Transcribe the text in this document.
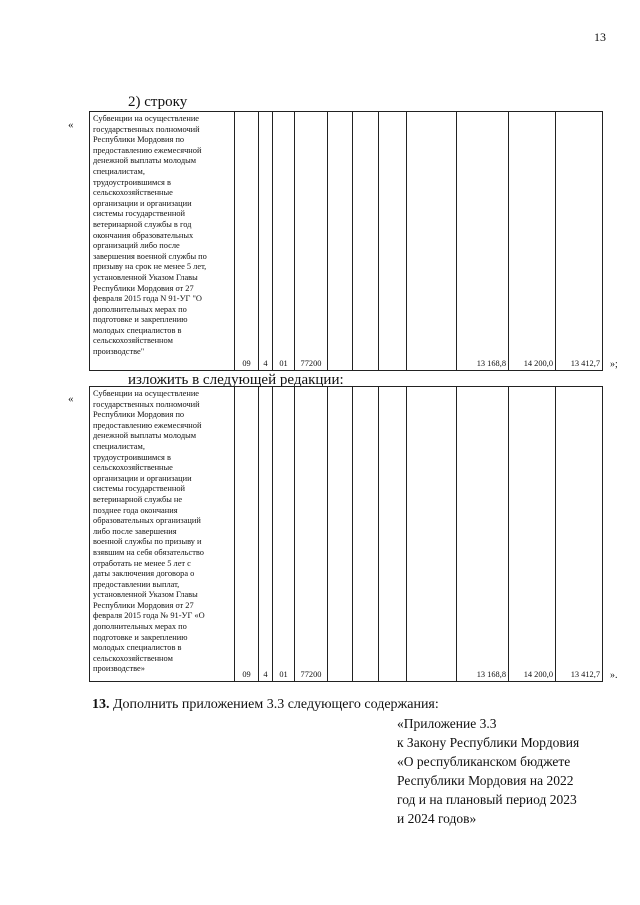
13
2) строку
«
Субвенции на осуществление
государственных полномочий
Республики Мордовия по
предоставлению ежемесячной
денежной выплаты молодым
специалистам,
трудоустроившимся в
сельскохозяйственные
организации и организации
системы государственной
ветеринарной службы в год
окончания образовательных
организаций либо после
завершения военной службы по
призыву на срок не менее 5 лет,
установленной Указом Главы
Республики Мордовия от 27
февраля 2015 года N 91-УГ "О
дополнительных мерах по
подготовке и закреплению
молодых специалистов в
сельскохозяйственном
производстве"
	09	4	01	77200					13 168,8	14 200,0	13 412,7 »;
изложить в следующей редакции:
« Субвенции на осуществление
государственных полномочий
Республики Мордовия по
предоставлению ежемесячной
денежной выплаты молодым
специалистам,
трудоустроившимся в
сельскохозяйственные
организации и организации
системы государственной
ветеринарной службы не
позднее года окончания
образовательных организаций
либо после завершения
военной службы по призыву и
взявшим на себя обязательство
отработать не менее 5 лет с
даты заключения договора о
предоставлении выплат,
установленной Указом Главы
Республики Мордовия от 27
февраля 2015 года № 91-УГ «О
дополнительных мерах по
подготовке и закреплению
молодых специалистов в
сельскохозяйственном
производстве»
	09	4	01	77200					13 168,8	14 200,0	13 412,7 ».
13. Дополнить приложением 3.3 следующего содержания:
«Приложение 3.3
к Закону Республики Мордовия
«О республиканском бюджете
Республики Мордовия на 2022
год и на плановый период 2023
и 2024 годов»
